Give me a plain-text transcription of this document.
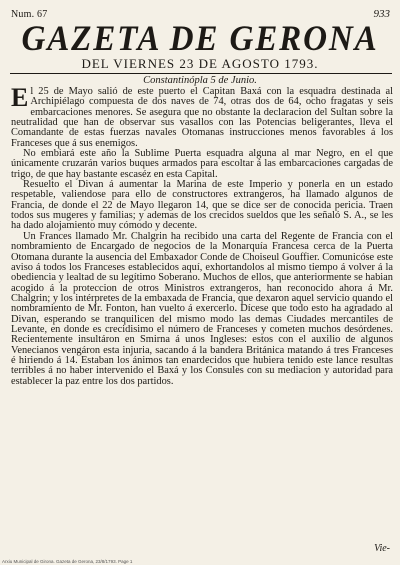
Num. 67	933
GAZETA DE GERONA
DEL VIERNES 23 DE AGOSTO 1793.
Constantinópla 5 de Junio.

El 25 de Mayo salió de este puerto el Capitan Baxá con la esquadra destinada al Archipiélago compuesta de dos naves de 74, otras dos de 64, ocho fragatas y seis embarcaciones menores. Se asegura que no obstante la declaracion del Sultan sobre la neutralidad que han de observar sus vasallos con las Potencias beligerantes, lleva el Comandante de estas fuerzas navales Otomanas instrucciones menos favorables á los Franceses que á sus enemigos.

No embiará este año la Sublime Puerta esquadra alguna al mar Negro, en el que únicamente cruzarán varios buques armados para escoltar á las embarcaciones cargadas de trigo, de que hay bastante escaséz en esta Capital.

Resuelto el Divan á aumentar la Marina de este Imperio y ponerla en un estado respetable, valiendose para ello de constructores extrangeros, ha llamado algunos de Francia, de donde el 22 de Mayo llegaron 14, que se dice ser de conocida pericia. Traen todos sus mugeres y familias; y ademas de los crecidos sueldos que les señaló S. A., se les ha dado alojamiento muy cómodo y decente.

Un Frances llamado Mr. Chalgrin ha recibido una carta del Regente de Francia con el nombramiento de Encargado de negocios de la Monarquía Francesa cerca de la Puerta Otomana durante la ausencia del Embaxador Conde de Choiseul Gouffier. Comunicóse este aviso á todos los Franceses establecidos aquí, exhortandolos al mismo tiempo á volver á la obediencia y lealtad de su legítimo Soberano. Muchos de ellos, que anteriormente se habian acogido á la proteccion de otros Ministros extrangeros, han reconocido ahora á Mr. Chalgrin; y los intérpretes de la embaxada de Francia, que dexaron aquel servicio quando el nombramiento de Mr. Fonton, han vuelto á exercerlo. Dícese que todo esto ha agradado al Divan, esperando se tranquilicen del mismo modo las demas Ciudades mercantiles de Levante, en donde es crecidisimo el número de Franceses y cometen muchos desórdenes. Recientemente insultáron en Smirna á unos Ingleses: estos con el auxilio de algunos Venecianos vengáron esta injuria, sacando á la bandera Británica matando á tres Franceses é hiriendo á 14. Estaban los ánimos tan enardecidos que hubiera tenido este lance resultas terribles á no haber intervenido el Baxá y los Consules con su mediacion y autoridad para establecer la paz entre los dos partidos.

Vie-
Arxiu Municipal de Girona. Gazeta de Gerona, 23/8/1793. Page 1
